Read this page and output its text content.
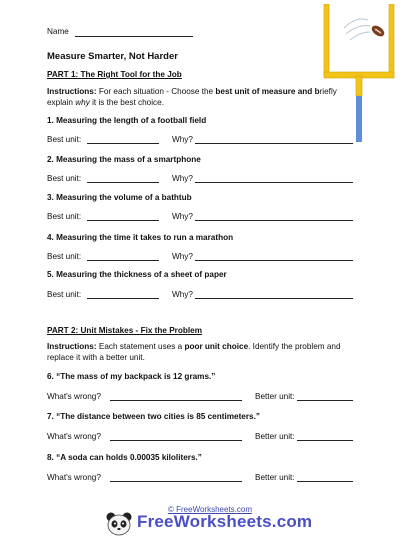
Name
Measure Smarter, Not Harder
PART 1: The Right Tool for the Job
Instructions: For each situation - Choose the best unit of measure and briefly
explain why it is the best choice.
1. Measuring the length of a football field
Best unit:	Why?
2. Measuring the mass of a smartphone
Best unit:	Why?
3. Measuring the volume of a bathtub
Best unit:	Why?
4. Measuring the time it takes to run a marathon
Best unit:	Why?
5. Measuring the thickness of a sheet of paper
Best unit:	Why?
PART 2: Unit Mistakes - Fix the Problem
Instructions: Each statement uses a poor unit choice. Identify the problem and
replace it with a better unit.
6. “The mass of my backpack is 12 grams.”
What's wrong?	Better unit:
7. “The distance between two cities is 85 centimeters.”
What's wrong?	Better unit:
8. “A soda can holds 0.00035 kiloliters.”
What's wrong?	Better unit:
© FreeWorksheets.com
FreeWorksheets.com
